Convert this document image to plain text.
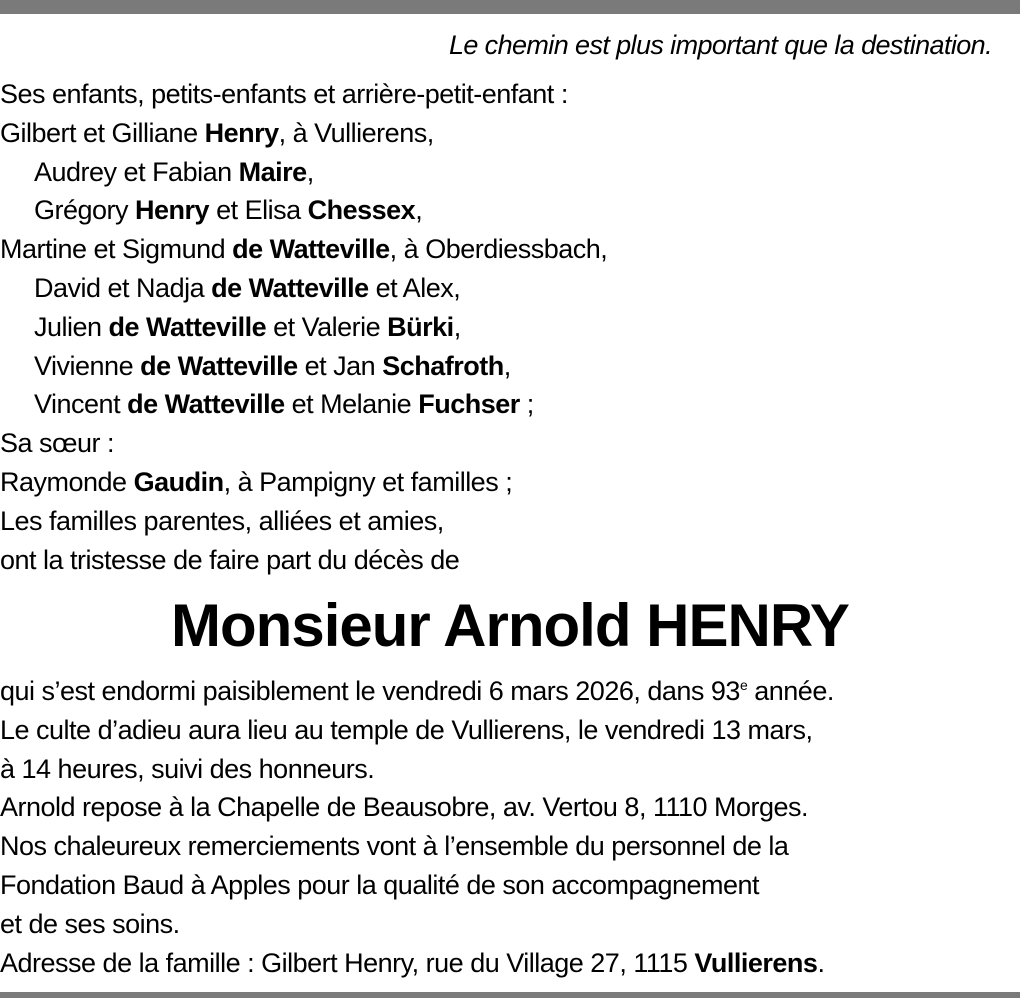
Le chemin est plus important que la destination.
Ses enfants, petits-enfants et arrière-petit-enfant :
Gilbert et Gilliane Henry, à Vullierens,
Audrey et Fabian Maire,
Grégory Henry et Elisa Chessex,
Martine et Sigmund de Watteville, à Oberdiessbach,
David et Nadja de Watteville et Alex,
Julien de Watteville et Valerie Bürki,
Vivienne de Watteville et Jan Schafroth,
Vincent de Watteville et Melanie Fuchser ;
Sa sœur :
Raymonde Gaudin, à Pampigny et familles ;
Les familles parentes, alliées et amies,
ont la tristesse de faire part du décès de
Monsieur Arnold HENRY
qui s’est endormi paisiblement le vendredi 6 mars 2026, dans 93e année.
Le culte d’adieu aura lieu au temple de Vullierens, le vendredi 13 mars,
à 14 heures, suivi des honneurs.
Arnold repose à la Chapelle de Beausobre, av. Vertou 8, 1110 Morges.
Nos chaleureux remerciements vont à l’ensemble du personnel de la
Fondation Baud à Apples pour la qualité de son accompagnement
et de ses soins.
Adresse de la famille : Gilbert Henry, rue du Village 27, 1115 Vullierens.
